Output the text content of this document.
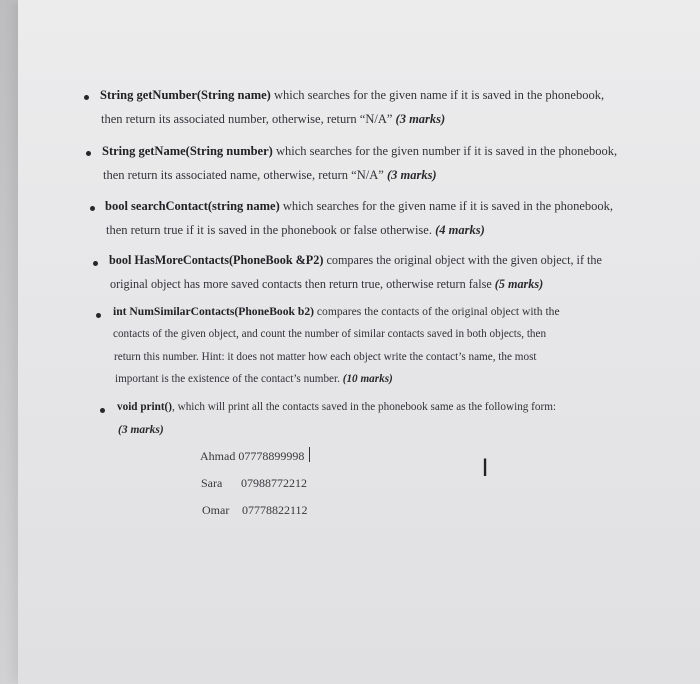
String getNumber(String name) which searches for the given name if it is saved in the phonebook,
then return its associated number, otherwise, return “N/A” (3 marks)
String getName(String number) which searches for the given number if it is saved in the phonebook,
then return its associated name, otherwise, return “N/A” (3 marks)
bool searchContact(string name) which searches for the given name if it is saved in the phonebook,
then return true if it is saved in the phonebook or false otherwise. (4 marks)
bool HasMoreContacts(PhoneBook &P2) compares the original object with the given object, if the
original object has more saved contacts then return true, otherwise return false (5 marks)
int NumSimilarContacts(PhoneBook b2) compares the contacts of the original object with the
contacts of the given object, and count the number of similar contacts saved in both objects, then
return this number. Hint: it does not matter how each object write the contact’s name, the most
important is the existence of the contact’s number. (10 marks)
void print(), which will print all the contacts saved in the phonebook same as the following form:
(3 marks)
Ahmad 07778899998
Sara 07988772212
Omar 07778822112
I
